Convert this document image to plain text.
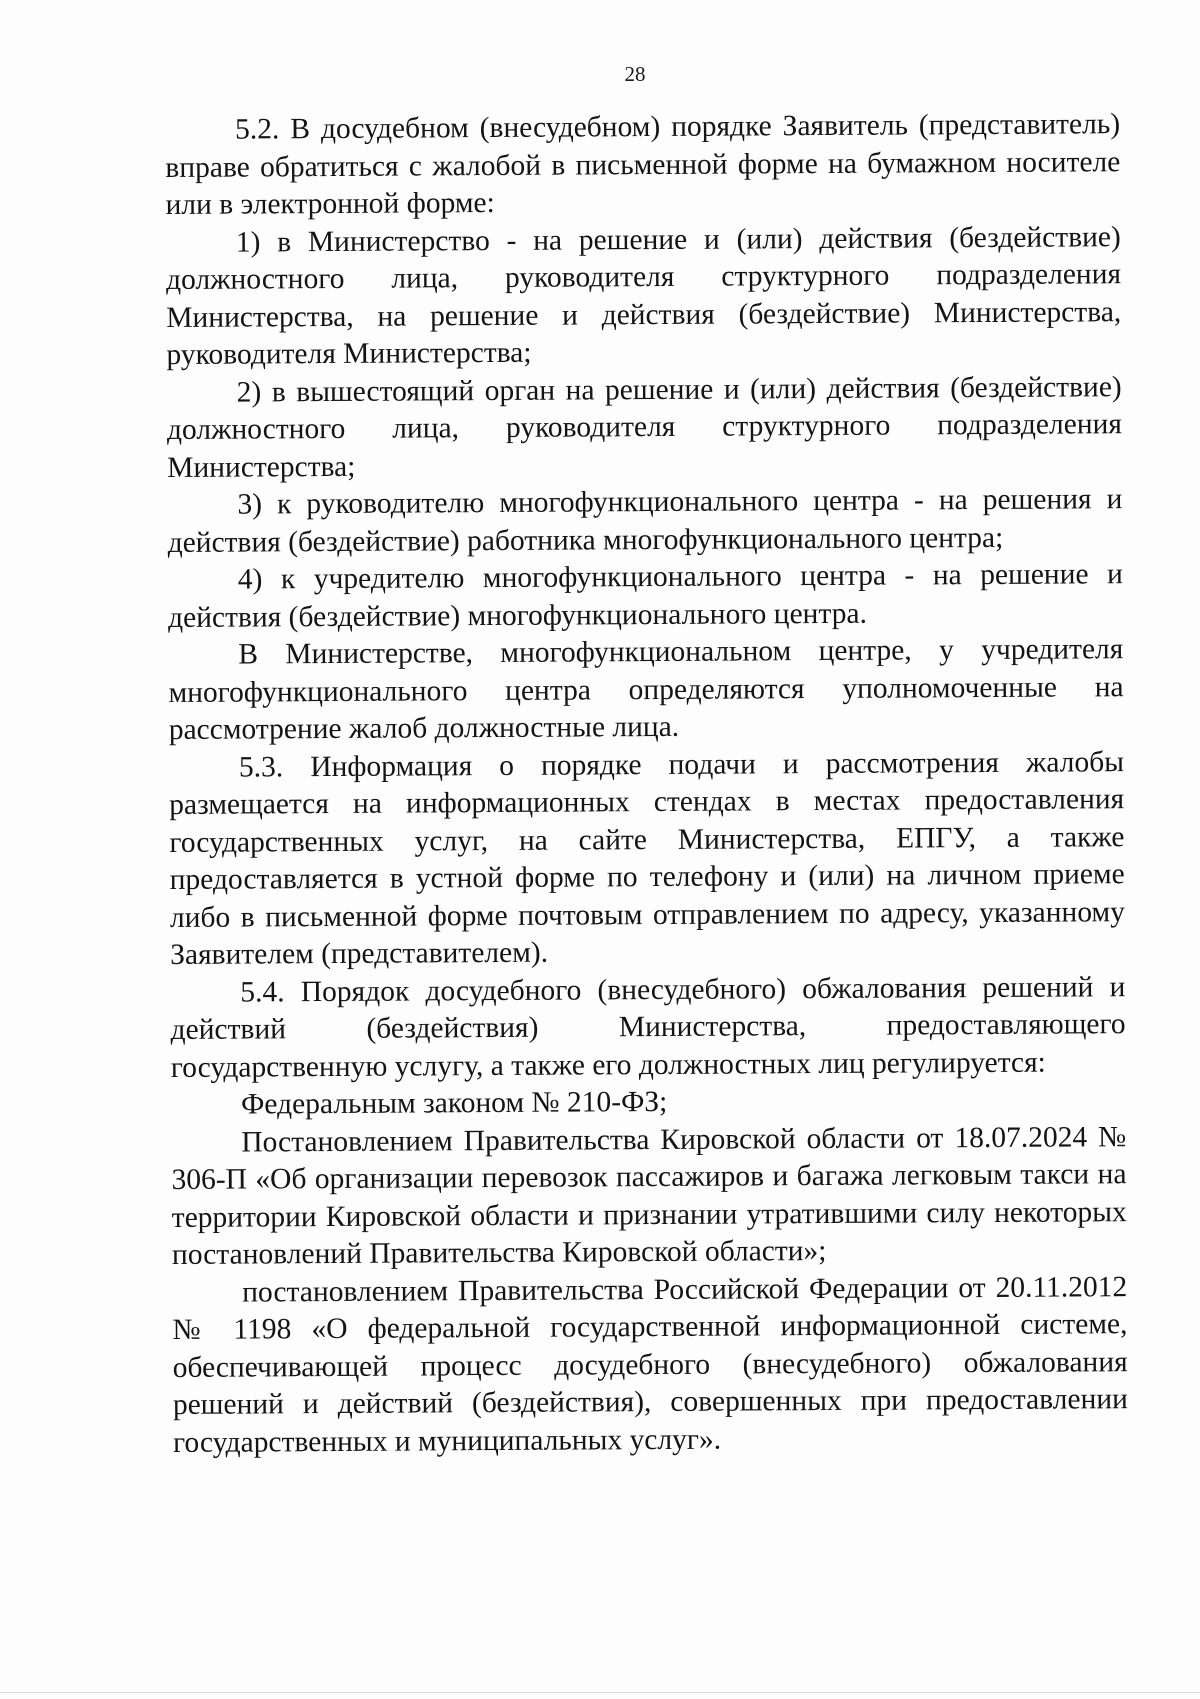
28

5.2. В досудебном (внесудебном) порядке Заявитель (представитель) вправе обратиться с жалобой в письменной форме на бумажном носителе или в электронной форме:

1) в Министерство - на решение и (или) действия (бездействие) должностного лица, руководителя структурного подразделения Министерства, на решение и действия (бездействие) Министерства, руководителя Министерства;

2) в вышестоящий орган на решение и (или) действия (бездействие) должностного лица, руководителя структурного подразделения Министерства;

3) к руководителю многофункционального центра - на решения и действия (бездействие) работника многофункционального центра;

4) к учредителю многофункционального центра - на решение и действия (бездействие) многофункционального центра.

В Министерстве, многофункциональном центре, у учредителя многофункционального центра определяются уполномоченные на рассмотрение жалоб должностные лица.

5.3. Информация о порядке подачи и рассмотрения жалобы размещается на информационных стендах в местах предоставления государственных услуг, на сайте Министерства, ЕПГУ, а также предоставляется в устной форме по телефону и (или) на личном приеме либо в письменной форме почтовым отправлением по адресу, указанному Заявителем (представителем).

5.4. Порядок досудебного (внесудебного) обжалования решений и действий (бездействия) Министерства, предоставляющего государственную услугу, а также его должностных лиц регулируется:

Федеральным законом № 210-ФЗ;

Постановлением Правительства Кировской области от 18.07.2024 № 306-П «Об организации перевозок пассажиров и багажа легковым такси на территории Кировской области и признании утратившими силу некоторых постановлений Правительства Кировской области»;

постановлением Правительства Российской Федерации от 20.11.2012 № 1198 «О федеральной государственной информационной системе, обеспечивающей процесс досудебного (внесудебного) обжалования решений и действий (бездействия), совершенных при предоставлении государственных и муниципальных услуг».
